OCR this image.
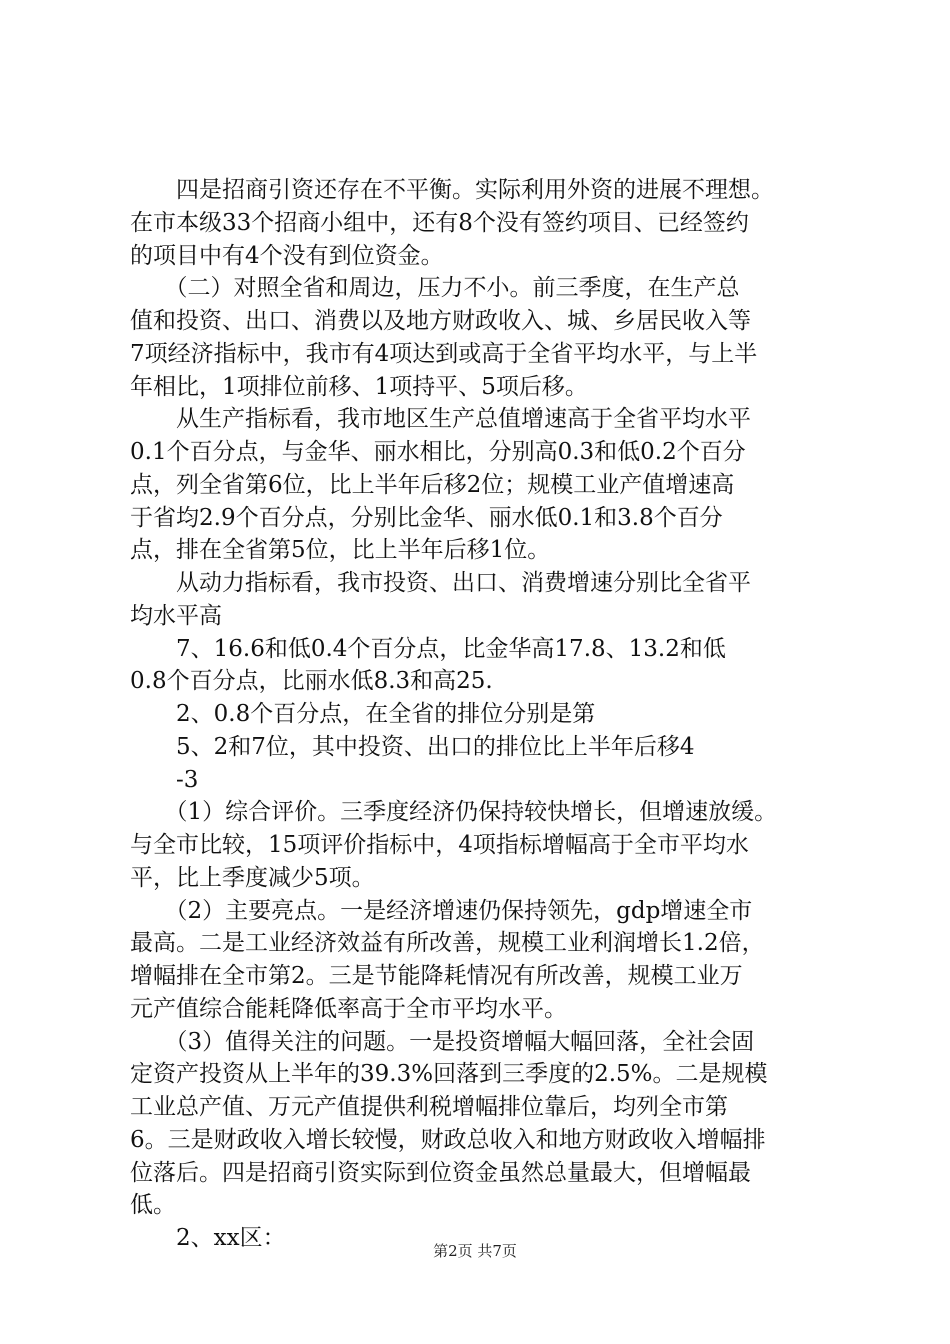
　　四是招商引资还存在不平衡。实际利用外资的进展不理想。
在市本级33个招商小组中，还有8个没有签约项目、已经签约
的项目中有4个没有到位资金。
　　（二）对照全省和周边，压力不小。前三季度，在生产总
值和投资、出口、消费以及地方财政收入、城、乡居民收入等
7项经济指标中，我市有4项达到或高于全省平均水平，与上半
年相比，1项排位前移、1项持平、5项后移。
　　从生产指标看，我市地区生产总值增速高于全省平均水平
0.1个百分点，与金华、丽水相比，分别高0.3和低0.2个百分
点，列全省第6位，比上半年后移2位；规模工业产值增速高
于省均2.9个百分点，分别比金华、丽水低0.1和3.8个百分
点，排在全省第5位，比上半年后移1位。
　　从动力指标看，我市投资、出口、消费增速分别比全省平
均水平高
　　7、16.6和低0.4个百分点，比金华高17.8、13.2和低
0.8个百分点，比丽水低8.3和高25.
　　2、0.8个百分点，在全省的排位分别是第
　　5、2和7位，其中投资、出口的排位比上半年后移4
　　-3
　　（1）综合评价。三季度经济仍保持较快增长，但增速放缓。
与全市比较，15项评价指标中，4项指标增幅高于全市平均水
平，比上季度减少5项。
　　（2）主要亮点。一是经济增速仍保持领先，gdp增速全市
最高。二是工业经济效益有所改善，规模工业利润增长1.2倍，
增幅排在全市第2。三是节能降耗情况有所改善，规模工业万
元产值综合能耗降低率高于全市平均水平。
　　（3）值得关注的问题。一是投资增幅大幅回落，全社会固
定资产投资从上半年的39.3%回落到三季度的2.5%。二是规模
工业总产值、万元产值提供利税增幅排位靠后，均列全市第
6。三是财政收入增长较慢，财政总收入和地方财政收入增幅排
位落后。四是招商引资实际到位资金虽然总量最大，但增幅最
低。
　　2、xx区：	第2页 共7页
